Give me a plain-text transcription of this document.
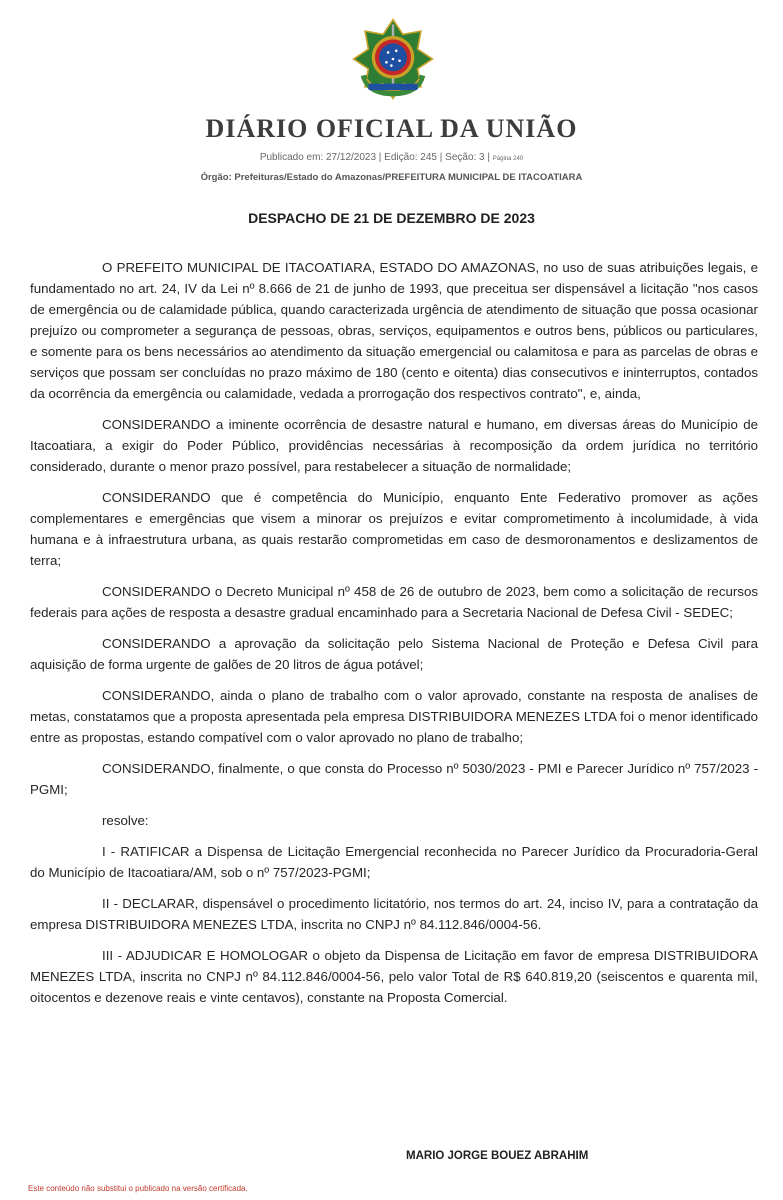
DIÁRIO OFICIAL DA UNIÃO
Publicado em: 27/12/2023 | Edição: 245 | Seção: 3 | Página 240
Órgão: Prefeituras/Estado do Amazonas/PREFEITURA MUNICIPAL DE ITACOATIARA
DESPACHO DE 21 DE DEZEMBRO DE 2023

O PREFEITO MUNICIPAL DE ITACOATIARA, ESTADO DO AMAZONAS, no uso de suas atribuições legais, e fundamentado no art. 24, IV da Lei nº 8.666 de 21 de junho de 1993, que preceitua ser dispensável a licitação "nos casos de emergência ou de calamidade pública, quando caracterizada urgência de atendimento de situação que possa ocasionar prejuízo ou comprometer a segurança de pessoas, obras, serviços, equipamentos e outros bens, públicos ou particulares, e somente para os bens necessários ao atendimento da situação emergencial ou calamitosa e para as parcelas de obras e serviços que possam ser concluídas no prazo máximo de 180 (cento e oitenta) dias consecutivos e ininterruptos, contados da ocorrência da emergência ou calamidade, vedada a prorrogação dos respectivos contrato", e, ainda,

CONSIDERANDO a iminente ocorrência de desastre natural e humano, em diversas áreas do Município de Itacoatiara, a exigir do Poder Público, providências necessárias à recomposição da ordem jurídica no território considerado, durante o menor prazo possível, para restabelecer a situação de normalidade;

CONSIDERANDO que é competência do Município, enquanto Ente Federativo promover as ações complementares e emergências que visem a minorar os prejuízos e evitar comprometimento à incolumidade, à vida humana e à infraestrutura urbana, as quais restarão comprometidas em caso de desmoronamentos e deslizamentos de terra;

CONSIDERANDO o Decreto Municipal nº 458 de 26 de outubro de 2023, bem como a solicitação de recursos federais para ações de resposta a desastre gradual encaminhado para a Secretaria Nacional de Defesa Civil - SEDEC;

CONSIDERANDO a aprovação da solicitação pelo Sistema Nacional de Proteção e Defesa Civil para aquisição de forma urgente de galões de 20 litros de água potável;

CONSIDERANDO, ainda o plano de trabalho com o valor aprovado, constante na resposta de analises de metas, constatamos que a proposta apresentada pela empresa DISTRIBUIDORA MENEZES LTDA foi o menor identificado entre as propostas, estando compatível com o valor aprovado no plano de trabalho;

CONSIDERANDO, finalmente, o que consta do Processo nº 5030/2023 - PMI e Parecer Jurídico nº 757/2023 - PGMI;

resolve:

I - RATIFICAR a Dispensa de Licitação Emergencial reconhecida no Parecer Jurídico da Procuradoria-Geral do Município de Itacoatiara/AM, sob o nº 757/2023-PGMI;

II - DECLARAR, dispensável o procedimento licitatório, nos termos do art. 24, inciso IV, para a contratação da empresa DISTRIBUIDORA MENEZES LTDA, inscrita no CNPJ nº 84.112.846/0004-56.

III - ADJUDICAR E HOMOLOGAR o objeto da Dispensa de Licitação em favor de empresa DISTRIBUIDORA MENEZES LTDA, inscrita no CNPJ nº 84.112.846/0004-56, pelo valor Total de R$ 640.819,20 (seiscentos e quarenta mil, oitocentos e dezenove reais e vinte centavos), constante na Proposta Comercial.

MARIO JORGE BOUEZ ABRAHIM
Este conteúdo não substitui o publicado na versão certificada.
